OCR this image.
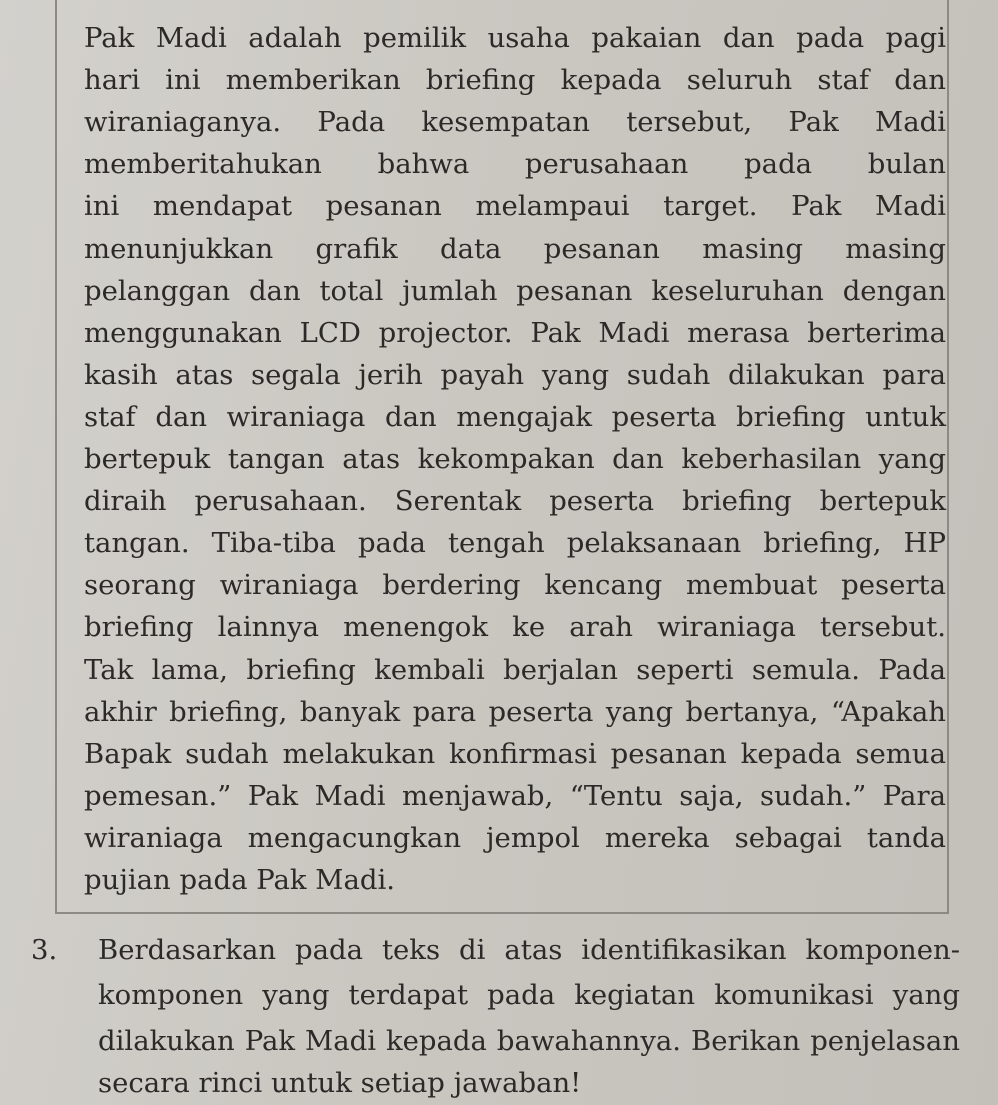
Pak Madi adalah pemilik usaha pakaian dan pada pagi

hari ini memberikan briefing kepada seluruh staf dan

wiraniaganya. Pada kesempatan tersebut, Pak Madi

memberitahukan bahwa perusahaan pada bulan

ini mendapat pesanan melampaui target. Pak Madi

menunjukkan grafik data pesanan masing masing

pelanggan dan total jumlah pesanan keseluruhan dengan

menggunakan LCD projector. Pak Madi merasa berterima

kasih atas segala jerih payah yang sudah dilakukan para

staf dan wiraniaga dan mengajak peserta briefing untuk

bertepuk tangan atas kekompakan dan keberhasilan yang

diraih perusahaan. Serentak peserta briefing bertepuk

tangan. Tiba-tiba pada tengah pelaksanaan briefing, HP

seorang wiraniaga berdering kencang membuat peserta

briefing lainnya menengok ke arah wiraniaga tersebut.

Tak lama, briefing kembali berjalan seperti semula. Pada

akhir briefing, banyak para peserta yang bertanya, “Apakah

Bapak sudah melakukan konfirmasi pesanan kepada semua

pemesan.” Pak Madi menjawab, “Tentu saja, sudah.” Para

wiraniaga mengacungkan jempol mereka sebagai tanda

pujian pada Pak Madi.

3. Berdasarkan pada teks di atas identifikasikan komponen-

komponen yang terdapat pada kegiatan komunikasi yang

dilakukan Pak Madi kepada bawahannya. Berikan penjelasan

secara rinci untuk setiap jawaban!
